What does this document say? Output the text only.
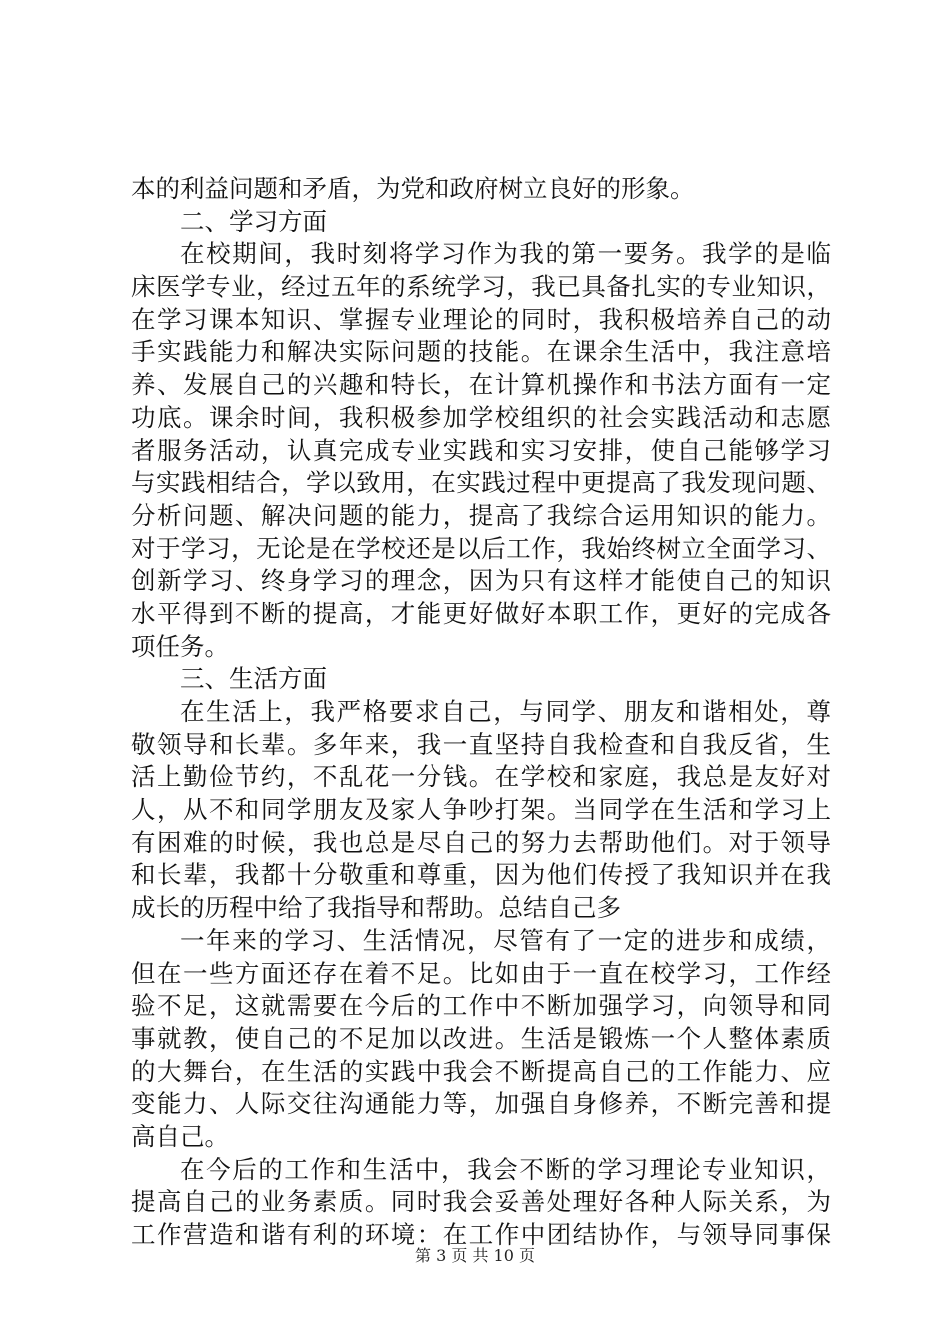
本的利益问题和矛盾，为党和政府树立良好的形象。
二、学习方面
在校期间，我时刻将学习作为我的第一要务。我学的是临
床医学专业，经过五年的系统学习，我已具备扎实的专业知识，
在学习课本知识、掌握专业理论的同时，我积极培养自己的动
手实践能力和解决实际问题的技能。在课余生活中，我注意培
养、发展自己的兴趣和特长，在计算机操作和书法方面有一定
功底。课余时间，我积极参加学校组织的社会实践活动和志愿
者服务活动，认真完成专业实践和实习安排，使自己能够学习
与实践相结合，学以致用，在实践过程中更提高了我发现问题、
分析问题、解决问题的能力，提高了我综合运用知识的能力。
对于学习，无论是在学校还是以后工作，我始终树立全面学习、
创新学习、终身学习的理念，因为只有这样才能使自己的知识
水平得到不断的提高，才能更好做好本职工作，更好的完成各
项任务。
三、生活方面
在生活上，我严格要求自己，与同学、朋友和谐相处，尊
敬领导和长辈。多年来，我一直坚持自我检查和自我反省，生
活上勤俭节约，不乱花一分钱。在学校和家庭，我总是友好对
人，从不和同学朋友及家人争吵打架。当同学在生活和学习上
有困难的时候，我也总是尽自己的努力去帮助他们。对于领导
和长辈，我都十分敬重和尊重，因为他们传授了我知识并在我
成长的历程中给了我指导和帮助。总结自己多
一年来的学习、生活情况，尽管有了一定的进步和成绩，
但在一些方面还存在着不足。比如由于一直在校学习，工作经
验不足，这就需要在今后的工作中不断加强学习，向领导和同
事就教，使自己的不足加以改进。生活是锻炼一个人整体素质
的大舞台，在生活的实践中我会不断提高自己的工作能力、应
变能力、人际交往沟通能力等，加强自身修养，不断完善和提
高自己。
在今后的工作和生活中，我会不断的学习理论专业知识，
提高自己的业务素质。同时我会妥善处理好各种人际关系，为
工作营造和谐有利的环境：在工作中团结协作，与领导同事保
第 3 页 共 10 页
